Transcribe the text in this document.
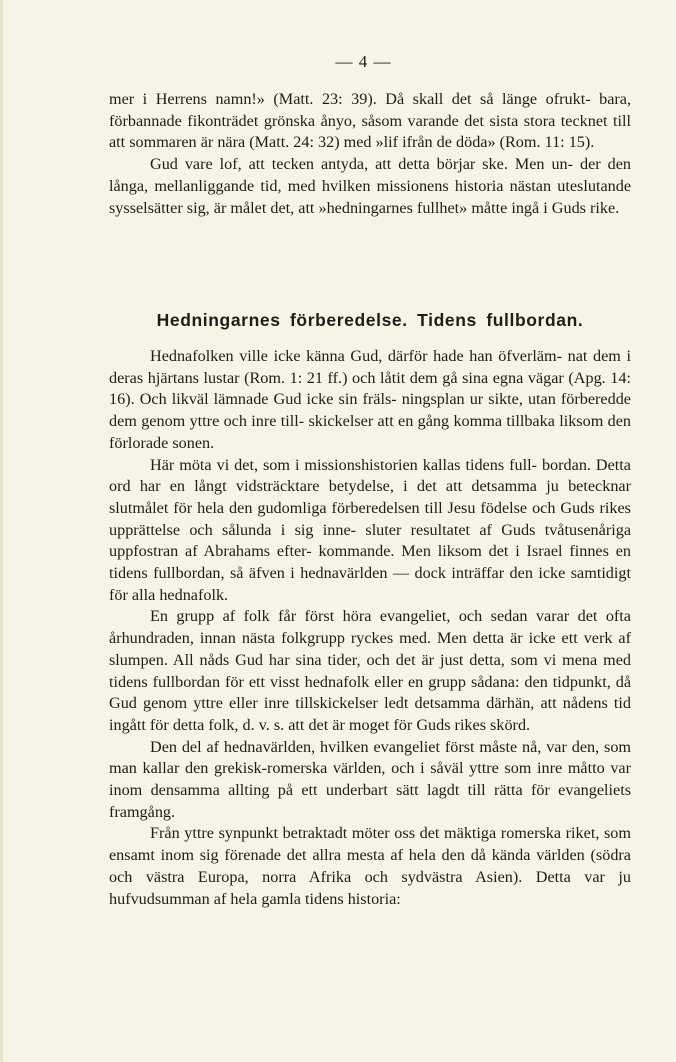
— 4 —

mer i Herrens namn!» (Matt. 23: 39). Då skall det så länge ofrukt- bara, förbannade fikonträdet grönska ånyo, såsom varande det sista stora tecknet till att sommaren är nära (Matt. 24: 32) med »lif ifrån de döda» (Rom. 11: 15).

Gud vare lof, att tecken antyda, att detta börjar ske. Men un- der den långa, mellanliggande tid, med hvilken missionens historia nästan uteslutande sysselsätter sig, är målet det, att »hedningarnes fullhet» måtte ingå i Guds rike.

Hedningarnes förberedelse. Tidens fullbordan.

Hednafolken ville icke känna Gud, därför hade han öfverläm- nat dem i deras hjärtans lustar (Rom. 1: 21 ff.) och låtit dem gå sina egna vägar (Apg. 14: 16). Och likväl lämnade Gud icke sin fräls- ningsplan ur sikte, utan förberedde dem genom yttre och inre till- skickelser att en gång komma tillbaka liksom den förlorade sonen.

Här möta vi det, som i missionshistorien kallas tidens full- bordan. Detta ord har en långt vidsträcktare betydelse, i det att detsamma ju betecknar slutmålet för hela den gudomliga förberedelsen till Jesu födelse och Guds rikes upprättelse och sålunda i sig inne- sluter resultatet af Guds tvåtusenåriga uppfostran af Abrahams efter- kommande. Men liksom det i Israel finnes en tidens fullbordan, så äfven i hednavärlden — dock inträffar den icke samtidigt för alla hednafolk.

En grupp af folk får först höra evangeliet, och sedan varar det ofta århundraden, innan nästa folkgrupp ryckes med. Men detta är icke ett verk af slumpen. All nåds Gud har sina tider, och det är just detta, som vi mena med tidens fullbordan för ett visst hednafolk eller en grupp sådana: den tidpunkt, då Gud genom yttre eller inre tillskickelser ledt detsamma därhän, att nådens tid ingått för detta folk, d. v. s. att det är moget för Guds rikes skörd.

Den del af hednavärlden, hvilken evangeliet först måste nå, var den, som man kallar den grekisk-romerska världen, och i såväl yttre som inre måtto var inom densamma allting på ett underbart sätt lagdt till rätta för evangeliets framgång.

Från yttre synpunkt betraktadt möter oss det mäktiga romerska riket, som ensamt inom sig förenade det allra mesta af hela den då kända världen (södra och västra Europa, norra Afrika och sydvästra Asien). Detta var ju hufvudsumman af hela gamla tidens historia:
